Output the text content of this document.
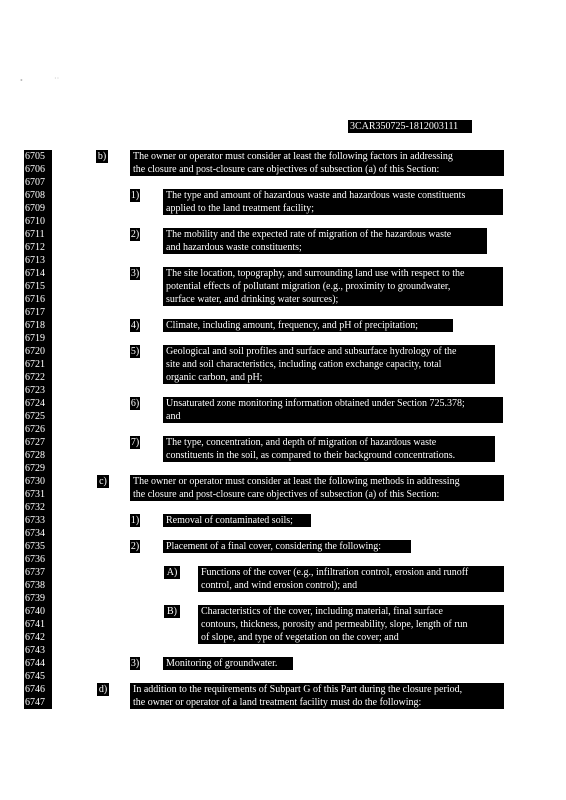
•	··
3CAR350725-1812003111
6705
6706
6707
6708
6709
6710
6711
6712
6713
6714
6715
6716
6717
6718
6719
6720
6721
6722
6723
6724
6725
6726
6727
6728
6729
6730
6731
6732
6733
6734
6735
6736
6737
6738
6739
6740
6741
6742
6743
6744
6745
6746
6747
b)	The owner or operator must consider at least the following factors in addressing
the closure and post-closure care objectives of subsection (a) of this Section:
1)	The type and amount of hazardous waste and hazardous waste constituents
applied to the land treatment facility;
2)	The mobility and the expected rate of migration of the hazardous waste
and hazardous waste constituents;
3)	The site location, topography, and surrounding land use with respect to the
potential effects of pollutant migration (e.g., proximity to groundwater,
surface water, and drinking water sources);
4)	Climate, including amount, frequency, and pH of precipitation;
5)	Geological and soil profiles and surface and subsurface hydrology of the
site and soil characteristics, including cation exchange capacity, total
organic carbon, and pH;
6)	Unsaturated zone monitoring information obtained under Section 725.378;
and
7)	The type, concentration, and depth of migration of hazardous waste
constituents in the soil, as compared to their background concentrations.
c)	The owner or operator must consider at least the following methods in addressing
the closure and post-closure care objectives of subsection (a) of this Section:
1)	Removal of contaminated soils;
2)	Placement of a final cover, considering the following:
A) Functions of the cover (e.g., infiltration control, erosion and runoff
control, and wind erosion control); and
B)	Characteristics of the cover, including material, final surface
contours, thickness, porosity and permeability, slope, length of run
of slope, and type of vegetation on the cover; and
3)	Monitoring of groundwater.
d)	In addition to the requirements of Subpart G of this Part during the closure period,
the owner or operator of a land treatment facility must do the following:
